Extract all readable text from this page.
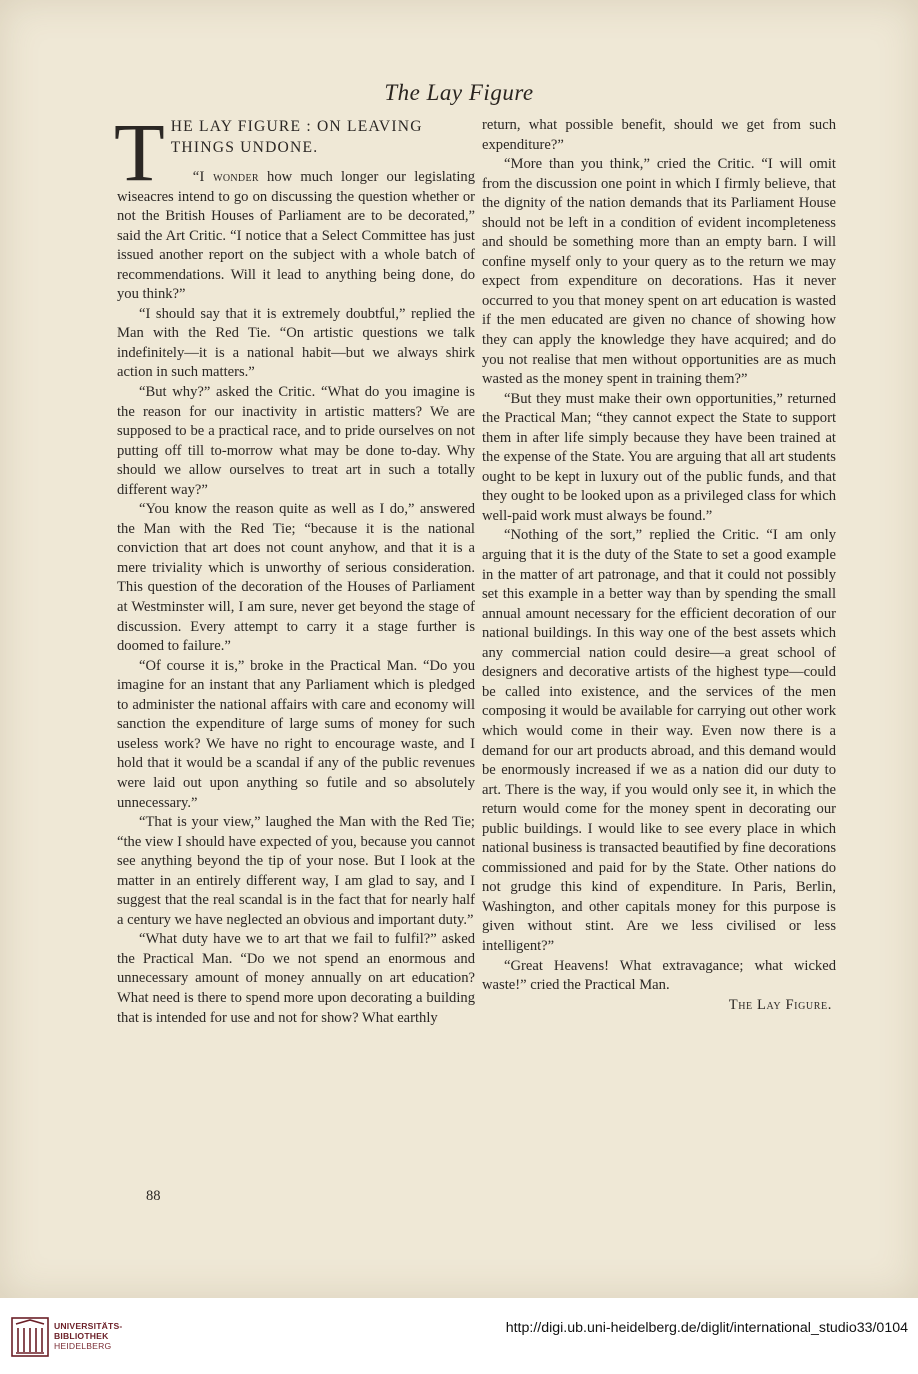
The Lay Figure

T HE LAY FIGURE : ON LEAVING
THINGS UNDONE.

“I wonder how much longer our legislating wiseacres intend to go on discussing the question whether or not the British Houses of Parliament are to be decorated,” said the Art Critic. “I notice that a Select Committee has just issued another report on the subject with a whole batch of recommendations. Will it lead to anything being done, do you think?”

“I should say that it is extremely doubtful,” replied the Man with the Red Tie. “On artistic questions we talk indefinitely—it is a national habit—but we always shirk action in such matters.”

“But why?” asked the Critic. “What do you imagine is the reason for our inactivity in artistic matters? We are supposed to be a practical race, and to pride ourselves on not putting off till to-morrow what may be done to-day. Why should we allow ourselves to treat art in such a totally different way?”

“You know the reason quite as well as I do,” answered the Man with the Red Tie; “because it is the national conviction that art does not count anyhow, and that it is a mere triviality which is unworthy of serious consideration. This question of the decoration of the Houses of Parliament at Westminster will, I am sure, never get beyond the stage of discussion. Every attempt to carry it a stage further is doomed to failure.”

“Of course it is,” broke in the Practical Man. “Do you imagine for an instant that any Parliament which is pledged to administer the national affairs with care and economy will sanction the expenditure of large sums of money for such useless work? We have no right to encourage waste, and I hold that it would be a scandal if any of the public revenues were laid out upon anything so futile and so absolutely unnecessary.”

“That is your view,” laughed the Man with the Red Tie; “the view I should have expected of you, because you cannot see anything beyond the tip of your nose. But I look at the matter in an entirely different way, I am glad to say, and I suggest that the real scandal is in the fact that for nearly half a century we have neglected an obvious and important duty.”

“What duty have we to art that we fail to fulfil?” asked the Practical Man. “Do we not spend an enormous and unnecessary amount of money annually on art education? What need is there to spend more upon decorating a building that is intended for use and not for show? What earthly

return, what possible benefit, should we get from such expenditure?”

“More than you think,” cried the Critic. “I will omit from the discussion one point in which I firmly believe, that the dignity of the nation demands that its Parliament House should not be left in a condition of evident incompleteness and should be something more than an empty barn. I will confine myself only to your query as to the return we may expect from expenditure on decorations. Has it never occurred to you that money spent on art education is wasted if the men educated are given no chance of showing how they can apply the knowledge they have acquired; and do you not realise that men without opportunities are as much wasted as the money spent in training them?”

“But they must make their own opportunities,” returned the Practical Man; “they cannot expect the State to support them in after life simply because they have been trained at the expense of the State. You are arguing that all art students ought to be kept in luxury out of the public funds, and that they ought to be looked upon as a privileged class for which well-paid work must always be found.”

“Nothing of the sort,” replied the Critic. “I am only arguing that it is the duty of the State to set a good example in the matter of art patronage, and that it could not possibly set this example in a better way than by spending the small annual amount necessary for the efficient decoration of our national buildings. In this way one of the best assets which any commercial nation could desire—a great school of designers and decorative artists of the highest type—could be called into existence, and the services of the men composing it would be available for carrying out other work which would come in their way. Even now there is a demand for our art products abroad, and this demand would be enormously increased if we as a nation did our duty to art. There is the way, if you would only see it, in which the return would come for the money spent in decorating our public buildings. I would like to see every place in which national business is transacted beautified by fine decorations commissioned and paid for by the State. Other nations do not grudge this kind of expenditure. In Paris, Berlin, Washington, and other capitals money for this purpose is given without stint. Are we less civilised or less intelligent?”

“Great Heavens! What extravagance; what wicked waste!” cried the Practical Man.

The Lay Figure.

88
UNIVERSITÄTS-
BIBLIOTHEK
HEIDELBERG
http://digi.ub.uni-heidelberg.de/diglit/international_studio33/0104
